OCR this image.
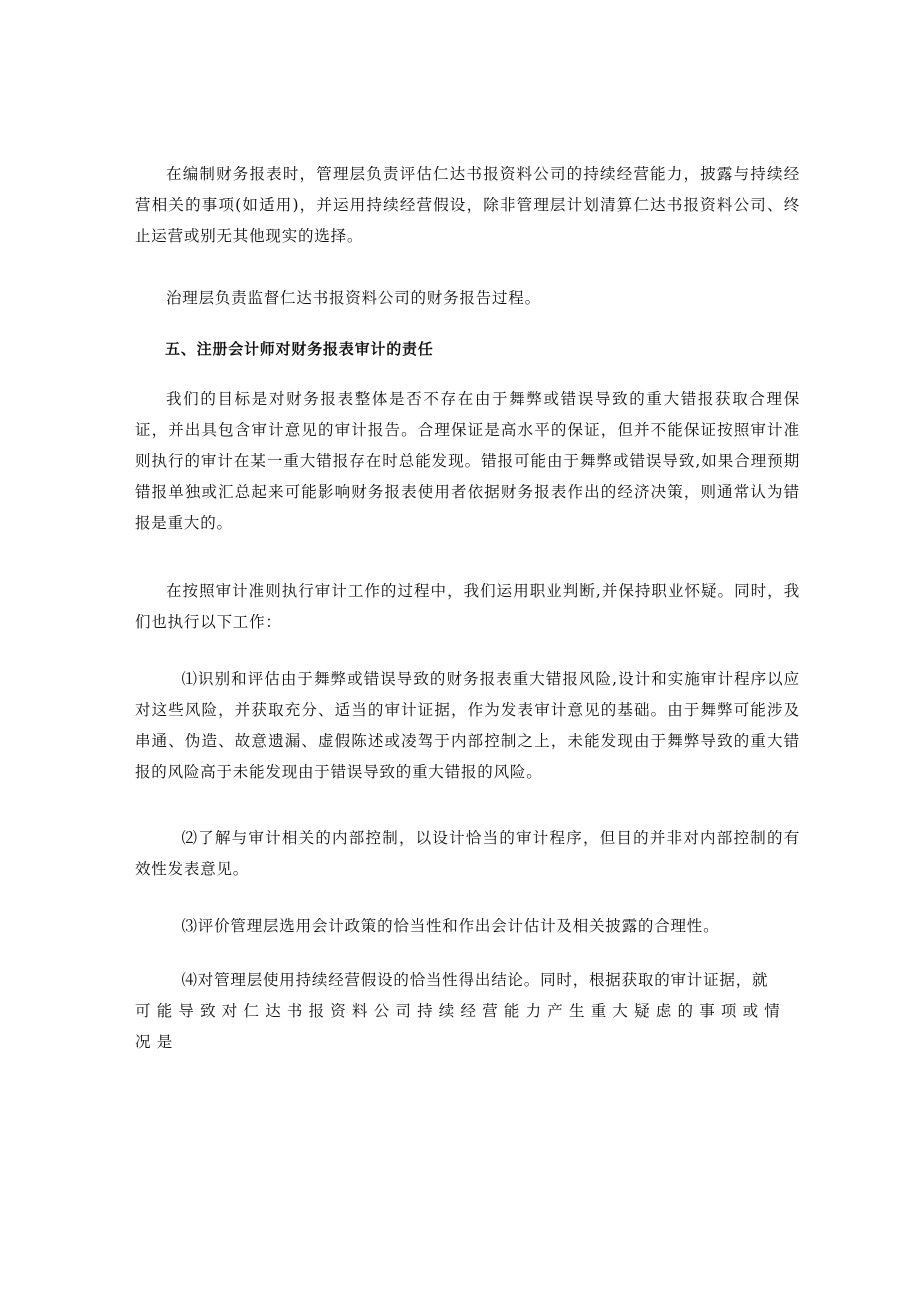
在编制财务报表时，管理层负责评估仁达书报资料公司的持续经营能力，披露与持续经营相关的事项(如适用)，并运用持续经营假设，除非管理层计划清算仁达书报资料公司、终止运营或别无其他现实的选择。

治理层负责监督仁达书报资料公司的财务报告过程。

五、注册会计师对财务报表审计的责任

我们的目标是对财务报表整体是否不存在由于舞弊或错误导致的重大错报获取合理保证，并出具包含审计意见的审计报告。合理保证是高水平的保证，但并不能保证按照审计准则执行的审计在某一重大错报存在时总能发现。错报可能由于舞弊或错误导致,如果合理预期错报单独或汇总起来可能影响财务报表使用者依据财务报表作出的经济决策，则通常认为错报是重大的。

在按照审计准则执行审计工作的过程中，我们运用职业判断,并保持职业怀疑。同时，我们也执行以下工作：

⑴识别和评估由于舞弊或错误导致的财务报表重大错报风险,设计和实施审计程序以应对这些风险，并获取充分、适当的审计证据，作为发表审计意见的基础。由于舞弊可能涉及串通、伪造、故意遗漏、虚假陈述或凌驾于内部控制之上，未能发现由于舞弊导致的重大错报的风险高于未能发现由于错误导致的重大错报的风险。

⑵了解与审计相关的内部控制，以设计恰当的审计程序，但目的并非对内部控制的有效性发表意见。

⑶评价管理层选用会计政策的恰当性和作出会计估计及相关披露的合理性。

⑷对管理层使用持续经营假设的恰当性得出结论。同时，根据获取的审计证据，就

可能导致对仁达书报资料公司持续经营能力产生重大疑虑的事项或情况是
